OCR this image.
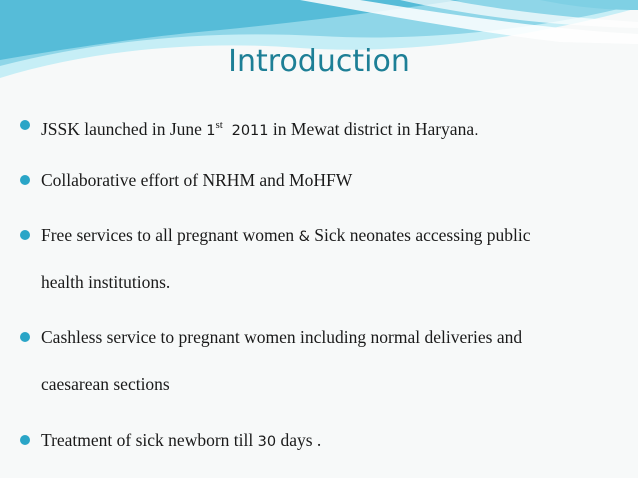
Introduction
JSSK launched in June 1st 2011 in Mewat district in Haryana.
Collaborative effort of NRHM and MoHFW
Free services to all pregnant women & Sick neonates accessing public
health institutions.
Cashless service to pregnant women including normal deliveries and
caesarean sections
Treatment of sick newborn till 30 days .
